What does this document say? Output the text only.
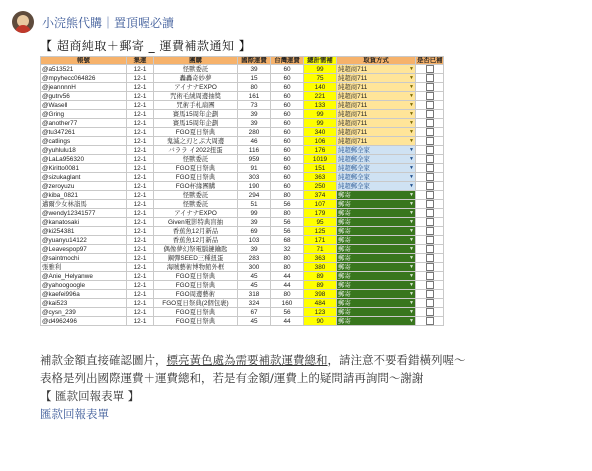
小浣熊代購｜置頂喔必讀
【 超商純取＋郵寄 _ 運費補款通知 】
帳號	集運	團購	國際運費	台灣運費	總計需補	取貨方式	是否已補
@a513521	12-1	怪獸委託	39	60	99	純超商711 ▼	

@mpyhecc064826	12-1	轟轟奇妙夢	15	60	75	純超商711 ▼	

@jeannnnH	12-1	アイナナEXPO	80	60	140	純超商711 ▼	

@gutrv56	12-1	咒術毛絨周邊抽獎	161	60	221	純超商711 ▼	

@Wasell	12-1	咒術手札扇團	73	60	133	純超商711 ▼	

@Gring	12-1	賽馬15周年企劃	39	60	99	純超商711 ▼	

@another77	12-1	賽馬15周年企劃	39	60	99	純超商711 ▼	

@tu347261	12-1	FGO夏日祭典	280	60	340	純超商711 ▼	

@catlings	12-1	鬼滅之刃とぷ大周邊	46	60	106	純超商711 ▼	

@yuhlulu18	12-1	バララ イ2022扭蛋	116	60	176	純超郵全家 ▼	

@LaLa956320	12-1	怪獸委託	959	60	1019	純超郵全家 ▼	

@Kiritto0081	12-1	FGO夏日祭典	91	60	151	純超郵全家 ▼	

@sizukaglant	12-1	FGO夏日祭典	303	60	363	純超郵全家 ▼	

@zeroyuzu	12-1	FGO杯緣團購	190	60	250	純超郵全家 ▼	

@kiba_0821	12-1	怪獸委託	294	80	374	郵寄 ▼	

邁爾少女林詣馬	12-1	怪獸委託	51	56	107	郵寄 ▼	

@wendy12341577	12-1	アイナナEXPO	99	80	179	郵寄 ▼	

@kanatosaki	12-1	Given電影特典盲抽	39	56	95	郵寄 ▼	

@ki254381	12-1	香蕉魚12月新品	69	56	125	郵寄 ▼	

@yuanyu14122	12-1	香蕉魚12月新品	103	68	171	郵寄 ▼	

@Leavespop97	12-1	偶像夢幻祭電腦鏈鑰匙	39	32	71	郵寄 ▼	

@saintmochi	12-1	鋼彈SEED三種扭蛋	283	80	363	郵寄 ▼	

張雅利	12-1	海賊藝術博物館外框	300	80	380	郵寄 ▼	

@Anie_Helyanwe	12-1	FGO夏日祭典	45	44	89	郵寄 ▼	

@yahoogoogle	12-1	FGO夏日祭典	45	44	89	郵寄 ▼	

@kaefei996a	12-1	FGO周邊藝術	318	80	398	郵寄 ▼	

@kai523	12-1	FGO夏日祭典(2個包裹)	324	160	484	郵寄 ▼	

@cysn_239	12-1	FGO夏日祭典	67	56	123	郵寄 ▼	

@d4962496	12-1	FGO夏日祭典	45	44	90	郵寄 ▼	

補款金額直接確認圖片，標亮黃色處為需要補款運費總和，請注意不要看錯橫列喔～
表格是列出國際運費＋運費總和，若是有金額/運費上的疑問請再詢問～謝謝
【 匯款回報表單 】
匯款回報表單
